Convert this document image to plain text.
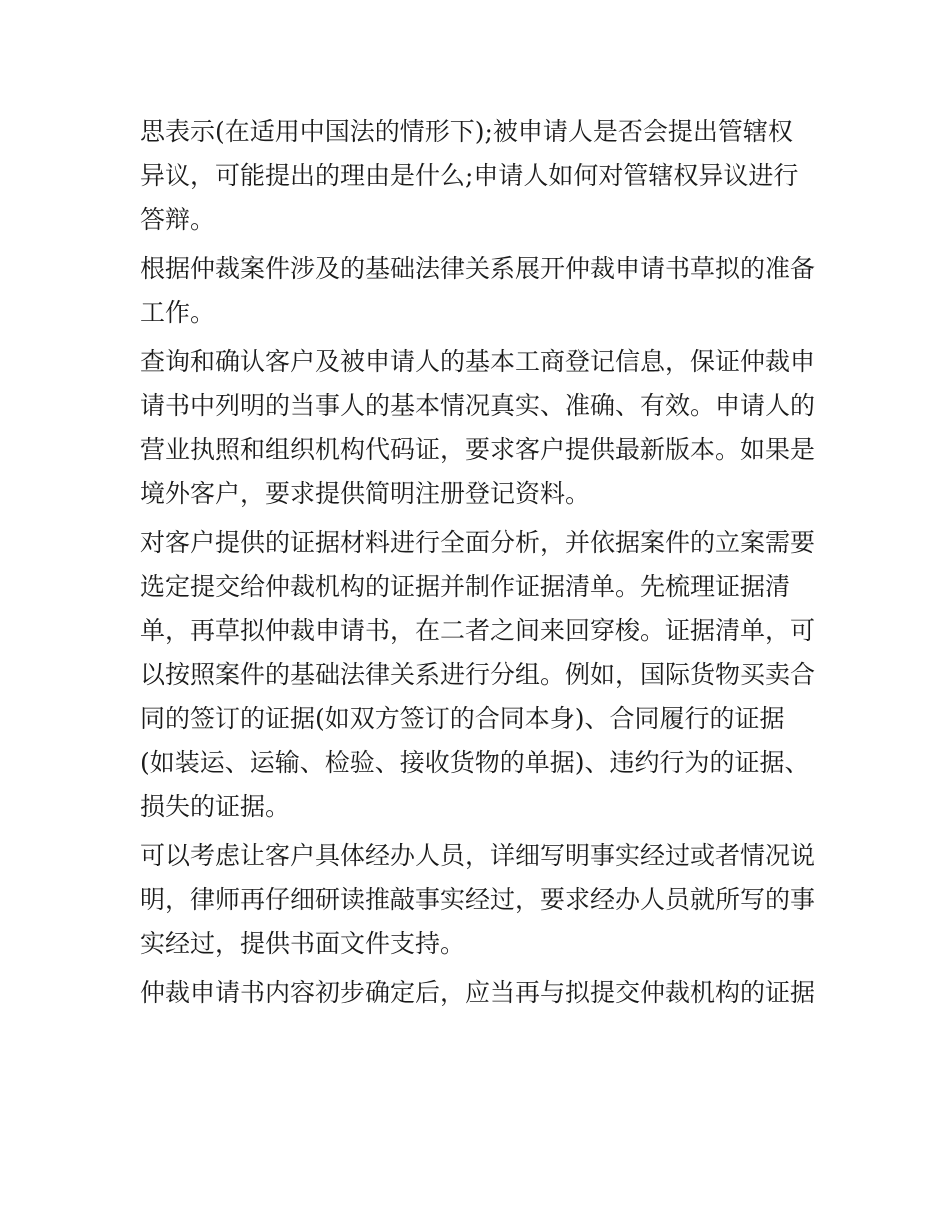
思表示(在适用中国法的情形下);被申请人是否会提出管辖权
异议，可能提出的理由是什么;申请人如何对管辖权异议进行
答辩。
根据仲裁案件涉及的基础法律关系展开仲裁申请书草拟的准备
工作。
查询和确认客户及被申请人的基本工商登记信息，保证仲裁申
请书中列明的当事人的基本情况真实、准确、有效。申请人的
营业执照和组织机构代码证，要求客户提供最新版本。如果是
境外客户，要求提供简明注册登记资料。
对客户提供的证据材料进行全面分析，并依据案件的立案需要
选定提交给仲裁机构的证据并制作证据清单。先梳理证据清
单，再草拟仲裁申请书，在二者之间来回穿梭。证据清单，可
以按照案件的基础法律关系进行分组。例如，国际货物买卖合
同的签订的证据(如双方签订的合同本身)、合同履行的证据
(如装运、运输、检验、接收货物的单据)、违约行为的证据、
损失的证据。
可以考虑让客户具体经办人员，详细写明事实经过或者情况说
明，律师再仔细研读推敲事实经过，要求经办人员就所写的事
实经过，提供书面文件支持。
仲裁申请书内容初步确定后，应当再与拟提交仲裁机构的证据
